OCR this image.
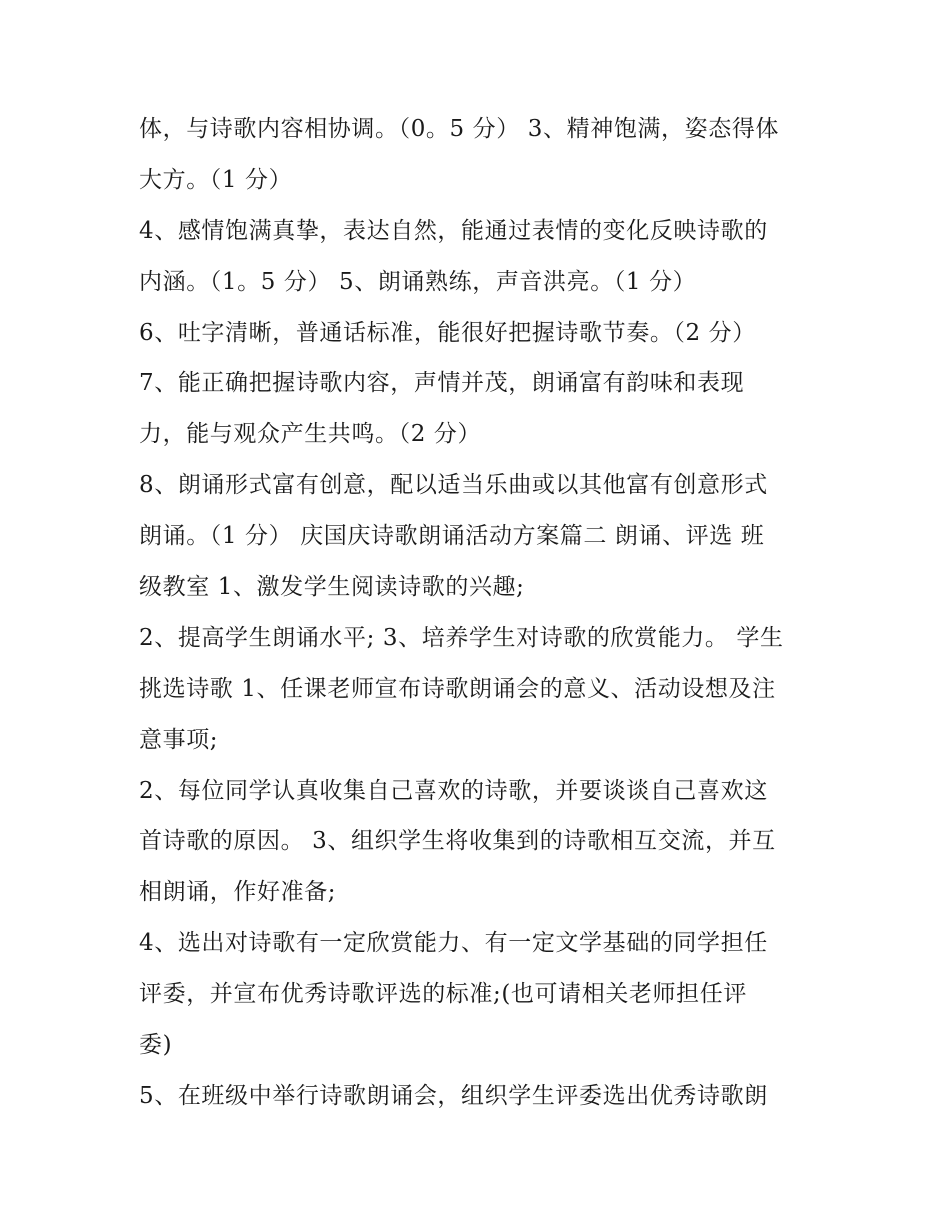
体，与诗歌内容相协调。（0。5 分） 3、精神饱满，姿态得体
大方。（1 分）
4、感情饱满真挚，表达自然，能通过表情的变化反映诗歌的
内涵。（1。5 分） 5、朗诵熟练，声音洪亮。（1 分）
6、吐字清晰，普通话标准，能很好把握诗歌节奏。（2 分）
7、能正确把握诗歌内容，声情并茂，朗诵富有韵味和表现
力，能与观众产生共鸣。（2 分）
8、朗诵形式富有创意，配以适当乐曲或以其他富有创意形式
朗诵。（1 分） 庆国庆诗歌朗诵活动方案篇二 朗诵、评选 班
级教室 1、激发学生阅读诗歌的兴趣;
2、提高学生朗诵水平; 3、培养学生对诗歌的欣赏能力。 学生
挑选诗歌 1、任课老师宣布诗歌朗诵会的意义、活动设想及注
意事项;
2、每位同学认真收集自己喜欢的诗歌，并要谈谈自己喜欢这
首诗歌的原因。 3、组织学生将收集到的诗歌相互交流，并互
相朗诵，作好准备;
4、选出对诗歌有一定欣赏能力、有一定文学基础的同学担任
评委，并宣布优秀诗歌评选的标准;(也可请相关老师担任评
委)
5、在班级中举行诗歌朗诵会，组织学生评委选出优秀诗歌朗
